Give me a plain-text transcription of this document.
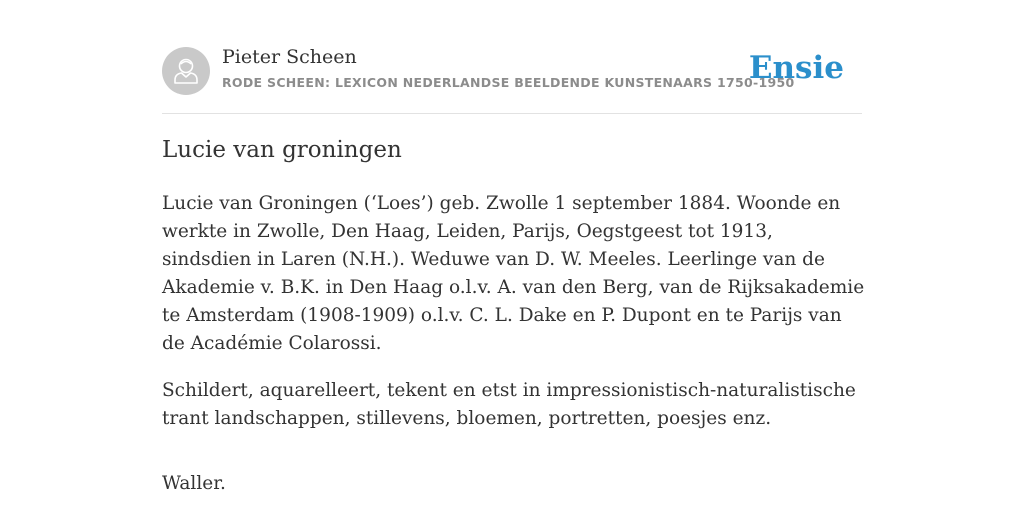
Pieter Scheen
RODE SCHEEN: LEXICON NEDERLANDSE BEELDENDE KUNSTENAARS 1750-1950
Ensie
Lucie van groningen

Lucie van Groningen (‘Loes’) geb. Zwolle 1 september 1884. Woonde en werkte in Zwolle, Den Haag, Leiden, Parijs, Oegstgeest tot 1913, sindsdien in Laren (N.H.). Weduwe van D. W. Meeles. Leerlinge van de Akademie v. B.K. in Den Haag o.l.v. A. van den Berg, van de Rijksakademie te Amsterdam (1908-1909) o.l.v. C. L. Dake en P. Dupont en te Parijs van de Académie Colarossi.

Schildert, aquarelleert, tekent en etst in impressionistisch-naturalistische trant landschappen, stillevens, bloemen, portretten, poesjes enz.

Waller.
